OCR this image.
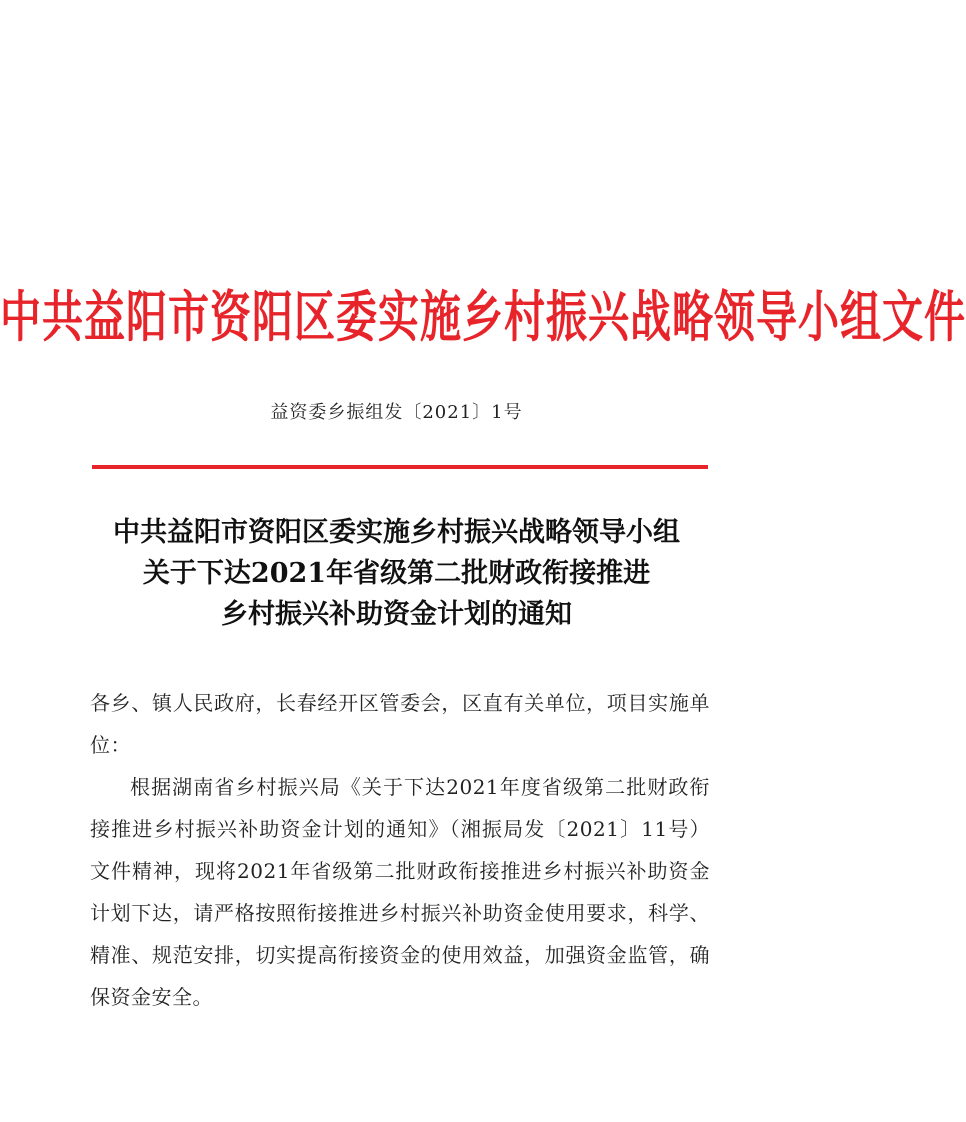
中共益阳市资阳区委实施乡村振兴战略领导小组文件
益资委乡振组发〔2021〕1号
中共益阳市资阳区委实施乡村振兴战略领导小组
关于下达2021年省级第二批财政衔接推进
乡村振兴补助资金计划的通知

各乡、镇人民政府，长春经开区管委会，区直有关单位，项目实施单位：

根据湖南省乡村振兴局《关于下达2021年度省级第二批财政衔接推进乡村振兴补助资金计划的通知》（湘振局发〔2021〕11号）文件精神，现将2021年省级第二批财政衔接推进乡村振兴补助资金计划下达，请严格按照衔接推进乡村振兴补助资金使用要求，科学、精准、规范安排，切实提高衔接资金的使用效益，加强资金监管，确保资金安全。
